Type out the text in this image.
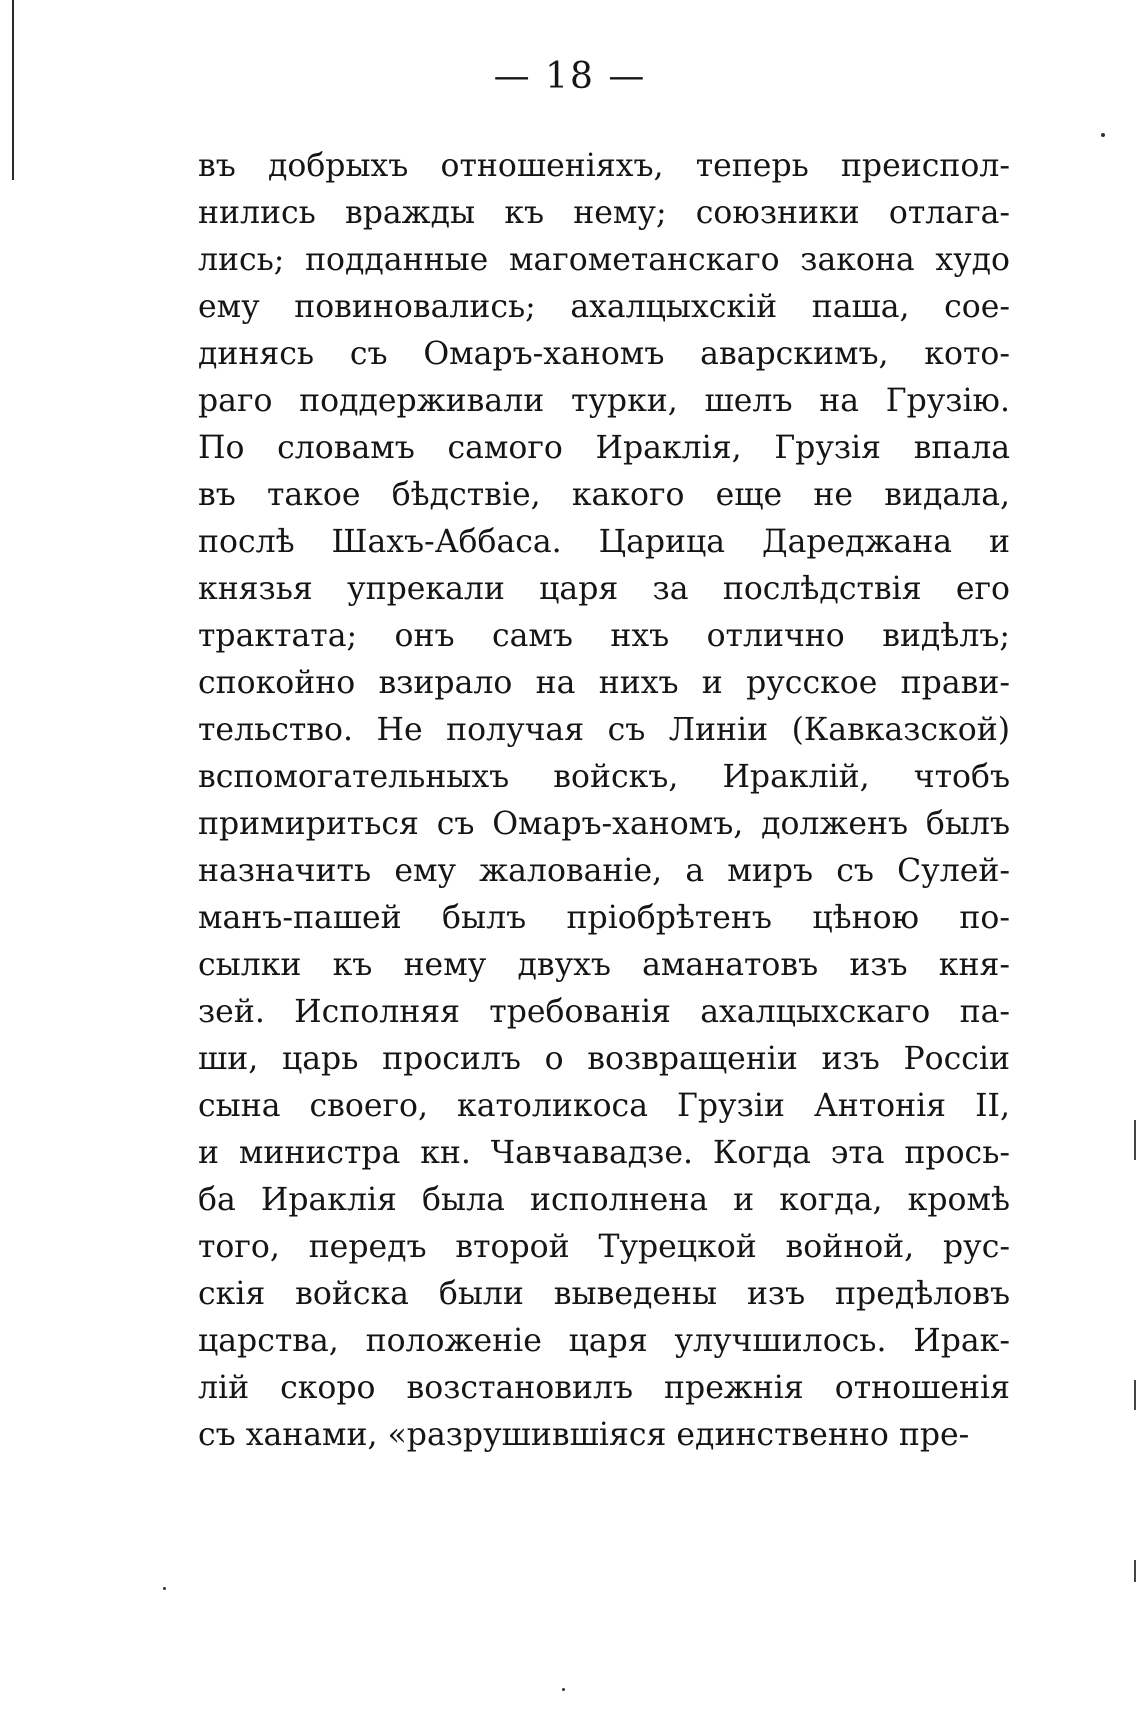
— 18 —
въ добрыхъ отношеніяхъ, теперь преиспол-
нились вражды къ нему; союзники отлага-
лись; подданные магометанскаго закона худо
ему повиновались; ахалцыхскій паша, сое-
динясь съ Омаръ-ханомъ аварскимъ, кото-
раго поддерживали турки, шелъ на Грузію.
По словамъ самого Ираклія, Грузія впала
въ такое бѣдствіе, какого еще не видала,
послѣ Шахъ-Аббаса. Царица Дареджана и
князья упрекали царя за послѣдствія его
трактата; онъ самъ нхъ отлично видѣлъ;
спокойно взирало на нихъ и русское прави-
тельство. Не получая съ Линіи (Кавказской)
вспомогательныхъ войскъ, Ираклій, чтобъ
примириться съ Омаръ-ханомъ, долженъ былъ
назначить ему жалованіе, а миръ съ Сулей-
манъ-пашей былъ пріобрѣтенъ цѣною по-
сылки къ нему двухъ аманатовъ изъ кня-
зей. Исполняя требованія ахалцыхскаго па-
ши, царь просилъ о возвращеніи изъ Россіи
сына своего, католикоса Грузіи Антонія II,
и министра кн. Чавчавадзе. Когда эта прось-
ба Ираклія была исполнена и когда, кромѣ
того, передъ второй Турецкой войной, рус-
скія войска были выведены изъ предѣловъ
царства, положеніе царя улучшилось. Ирак-
лій скоро возстановилъ прежнія отношенія
съ ханами, «разрушившіяся единственно пре-
